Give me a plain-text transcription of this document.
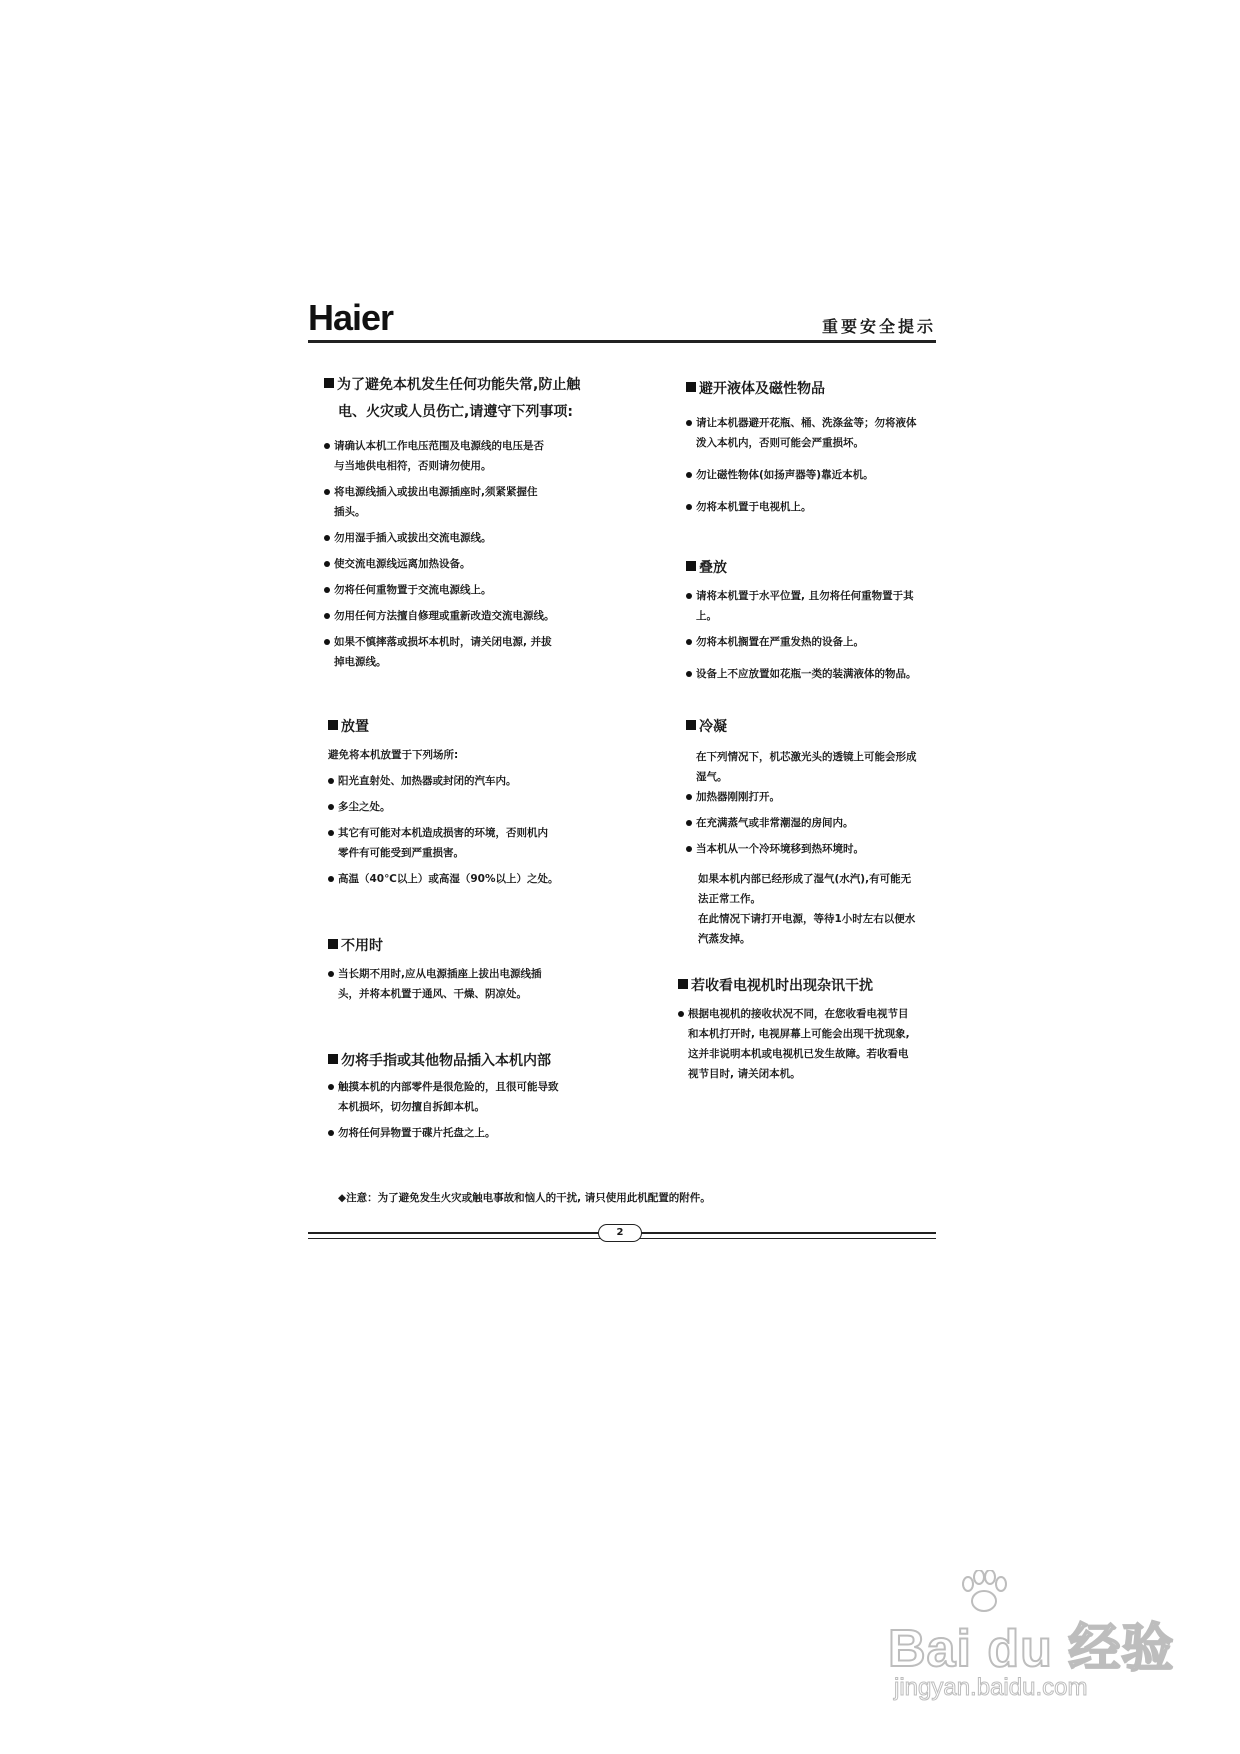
Haier	重要安全提示
为了避免本机发生任何功能失常,防止触
电、火灾或人员伤亡,请遵守下列事项:
请确认本机工作电压范围及电源线的电压是否
与当地供电相符，否则请勿使用。
将电源线插入或拔出电源插座时,须紧紧握住
插头。
勿用湿手插入或拔出交流电源线。
使交流电源线远离加热设备。
勿将任何重物置于交流电源线上。
勿用任何方法擅自修理或重新改造交流电源线。
如果不慎摔落或损坏本机时，请关闭电源, 并拔
掉电源线。
放置
避免将本机放置于下列场所:
阳光直射处、加热器或封闭的汽车内。
多尘之处。
其它有可能对本机造成损害的环境，否则机内
零件有可能受到严重损害。
高温（40℃以上）或高湿（90%以上）之处。
不用时
当长期不用时,应从电源插座上拔出电源线插
头，并将本机置于通风、干燥、阴凉处。
勿将手指或其他物品插入本机内部
触摸本机的内部零件是很危险的，且很可能导致
本机损坏，切勿擅自拆卸本机。
勿将任何异物置于碟片托盘之上。
避开液体及磁性物品
请让本机器避开花瓶、桶、洗涤盆等；勿将液体
泼入本机内，否则可能会严重损坏。
勿让磁性物体(如扬声器等)靠近本机。
勿将本机置于电视机上。
叠放
请将本机置于水平位置, 且勿将任何重物置于其
上。
勿将本机搁置在严重发热的设备上。
设备上不应放置如花瓶一类的装满液体的物品。
冷凝
在下列情况下，机芯激光头的透镜上可能会形成
湿气。
加热器刚刚打开。
在充满蒸气或非常潮湿的房间内。
当本机从一个冷环境移到热环境时。
如果本机内部已经形成了湿气(水汽),有可能无
法正常工作。
在此情况下请打开电源，等待1小时左右以便水
汽蒸发掉。
若收看电视机时出现杂讯干扰
根据电视机的接收状况不同，在您收看电视节目
和本机打开时, 电视屏幕上可能会出现干扰现象,
这并非说明本机或电视机已发生故障。若收看电
视节目时, 请关闭本机。
◆注意：为了避免发生火灾或触电事故和恼人的干扰, 请只使用此机配置的附件。
2
Bai du 经验
jingyan.baidu.com
